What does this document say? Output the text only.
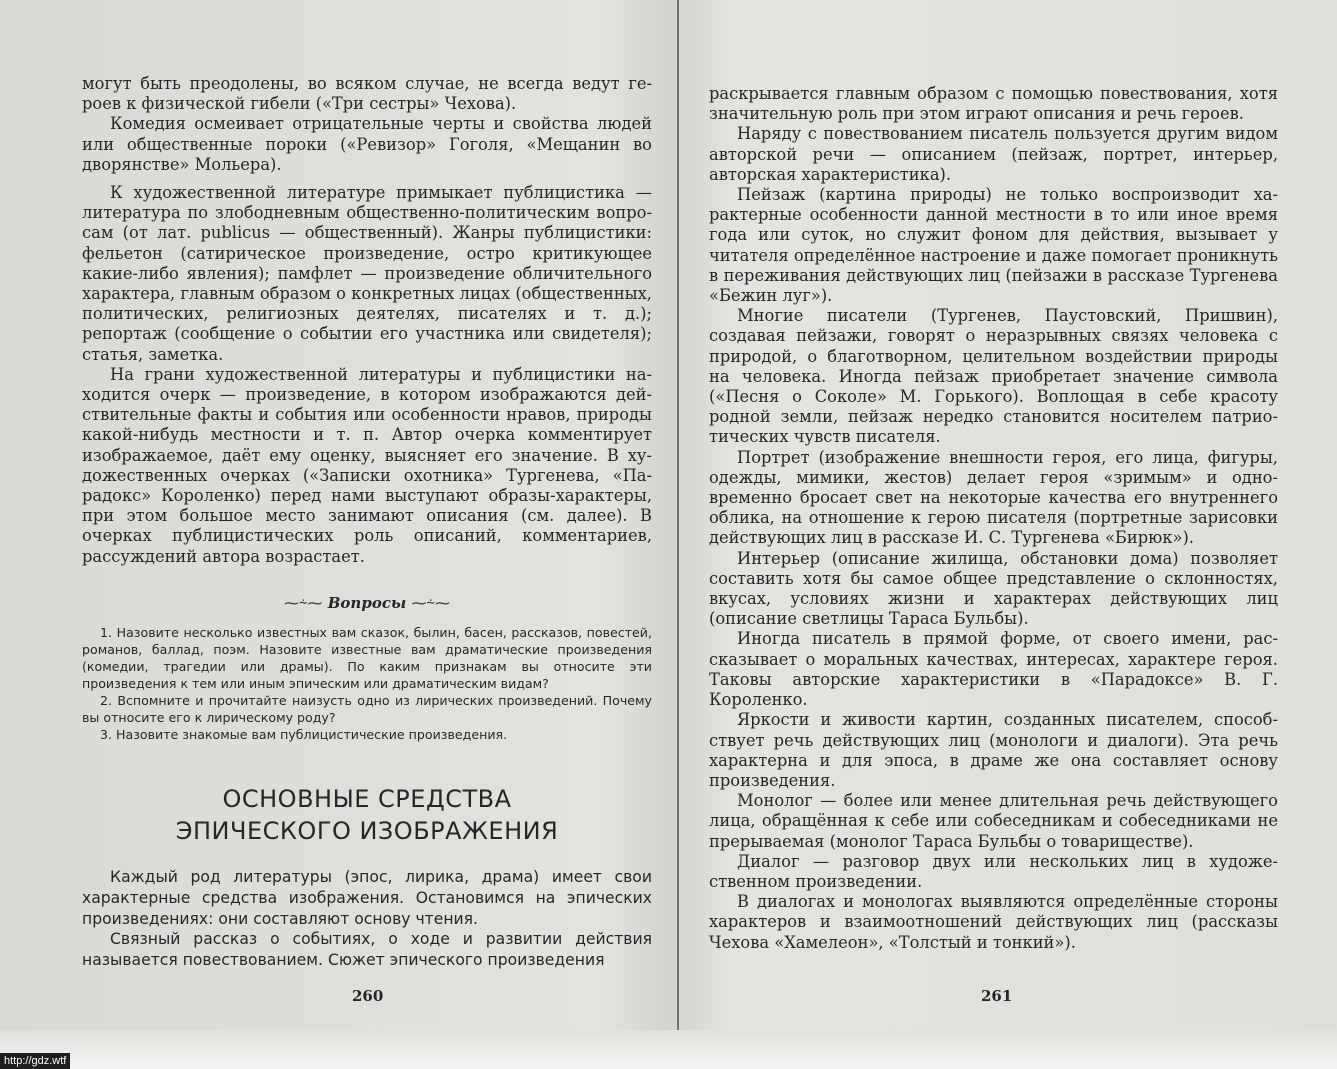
могут быть преодолены, во всяком случае, не всегда ведут героев к физической гибели («Три сестры» Чехова).

Комедия осмеивает отрицательные черты и свойства людей или общественные пороки («Ревизор» Гоголя, «Мещанин во дворянстве» Мольера).

К художественной литературе примыкает публицистика — литература по злободневным общественно-политическим вопросам (от лат. publicus — общественный). Жанры публицистики: фельетон (сатирическое произведение, остро критикующее какие-либо явления); памфлет — произведение обличительного характера, главным образом о конкретных лицах (общественных, политических, религиозных деятелях, писателях и т. д.); репортаж (сообщение о событии его участника или свидетеля); статья, заметка.

На грани художественной литературы и публицистики находится очерк — произведение, в котором изображаются действительные факты и события или особенности нравов, природы какой-нибудь местности и т. п. Автор очерка комментирует изображаемое, даёт ему оценку, выясняет его значение. В художественных очерках («Записки охотника» Тургенева, «Парадокс» Короленко) перед нами выступают образы-характеры, при этом большое место занимают описания (см. далее). В очерках публицистических роль описаний, комментариев, рассуждений автора возрастает.

⁓⸞⁓ Вопросы ⁓⸞⁓

1. Назовите несколько известных вам сказок, былин, басен, рассказов, повестей, романов, баллад, поэм. Назовите известные вам драматические произведения (комедии, трагедии или драмы). По каким признакам вы относите эти произведения к тем или иным эпическим или драматическим видам?

2. Вспомните и прочитайте наизусть одно из лирических произведений. Почему вы относите его к лирическому роду?

3. Назовите знакомые вам публицистические произведения.

ОСНОВНЫЕ СРЕДСТВА
ЭПИЧЕСКОГО ИЗОБРАЖЕНИЯ

Каждый род литературы (эпос, лирика, драма) имеет свои характерные средства изображения. Остановимся на эпических произведениях: они составляют основу чтения.

Связный рассказ о событиях, о ходе и развитии действия называется повествованием. Сюжет эпического произведения

260

раскрывается главным образом с помощью повествования, хотя значительную роль при этом играют описания и речь героев.

Наряду с повествованием писатель пользуется другим видом авторской речи — описанием (пейзаж, портрет, интерьер, авторская характеристика).

Пейзаж (картина природы) не только воспроизводит характерные особенности данной местности в то или иное время года или суток, но служит фоном для действия, вызывает у читателя определённое настроение и даже помогает проникнуть в переживания действующих лиц (пейзажи в рассказе Тургенева «Бежин луг»).

Многие писатели (Тургенев, Паустовский, Пришвин), создавая пейзажи, говорят о неразрывных связях человека с природой, о благотворном, целительном воздействии природы на человека. Иногда пейзаж приобретает значение символа («Песня о Соколе» М. Горького). Воплощая в себе красоту родной земли, пейзаж нередко становится носителем патриотических чувств писателя.

Портрет (изображение внешности героя, его лица, фигуры, одежды, мимики, жестов) делает героя «зримым» и одновременно бросает свет на некоторые качества его внутреннего облика, на отношение к герою писателя (портретные зарисовки действующих лиц в рассказе И. С. Тургенева «Бирюк»).

Интерьер (описание жилища, обстановки дома) позволяет составить хотя бы самое общее представление о склонностях, вкусах, условиях жизни и характерах действующих лиц (описание светлицы Тараса Бульбы).

Иногда писатель в прямой форме, от своего имени, рассказывает о моральных качествах, интересах, характере героя. Таковы авторские характеристики в «Парадоксе» В. Г. Короленко.

Яркости и живости картин, созданных писателем, способствует речь действующих лиц (монологи и диалоги). Эта речь характерна и для эпоса, в драме же она составляет основу произведения.

Монолог — более или менее длительная речь действующего лица, обращённая к себе или собеседникам и собеседниками не прерываемая (монолог Тараса Бульбы о товариществе).

Диалог — разговор двух или нескольких лиц в художественном произведении.

В диалогах и монологах выявляются определённые стороны характеров и взаимоотношений действующих лиц (рассказы Чехова «Хамелеон», «Толстый и тонкий»).

261
http://gdz.wtf
